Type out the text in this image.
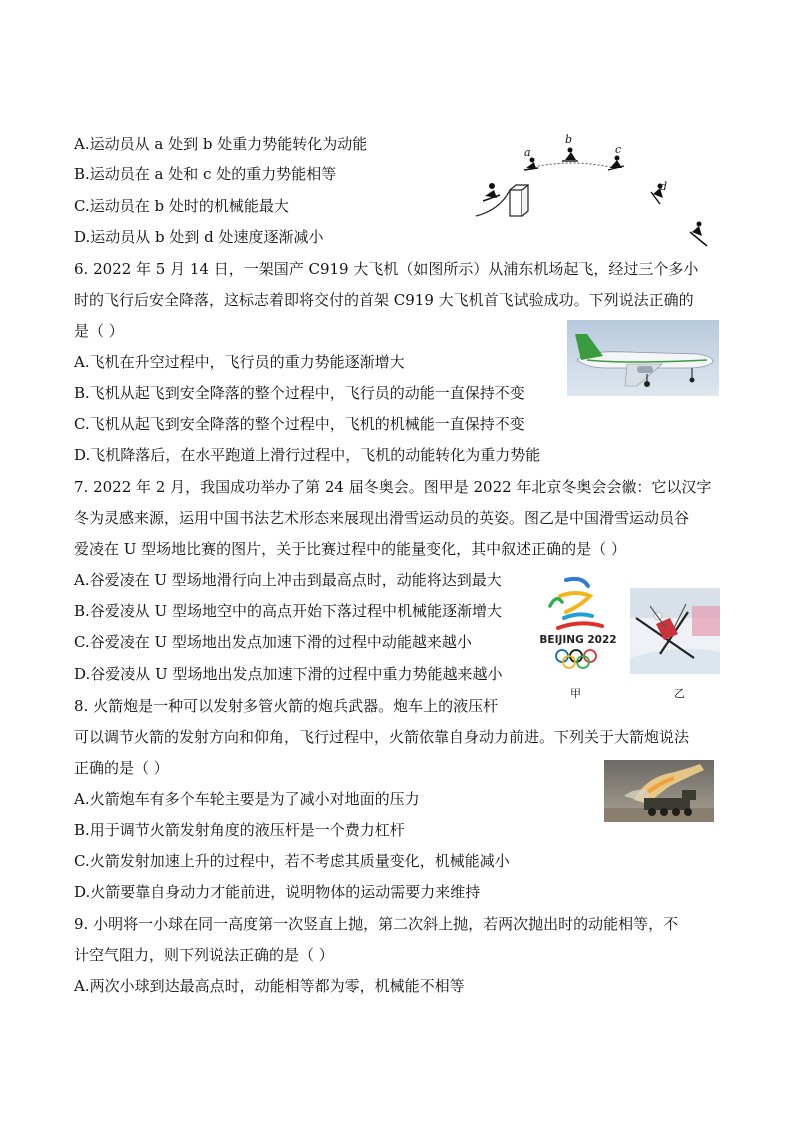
A.运动员从 a 处到 b 处重力势能转化为动能
B.运动员在 a 处和 c 处的重力势能相等
C.运动员在 b 处时的机械能最大
D.运动员从 b 处到 d 处速度逐渐减小
a
b
c
d
6. 2022 年 5 月 14 日，一架国产 C919 大飞机（如图所示）从浦东机场起飞，经过三个多小
时的飞行后安全降落，这标志着即将交付的首架 C919 大飞机首飞试验成功。下列说法正确的
是（ ）
A.飞机在升空过程中，飞行员的重力势能逐渐增大
B.飞机从起飞到安全降落的整个过程中，飞行员的动能一直保持不变
C.飞机从起飞到安全降落的整个过程中，飞机的机械能一直保持不变
D.飞机降落后，在水平跑道上滑行过程中，飞机的动能转化为重力势能
7. 2022 年 2 月，我国成功举办了第 24 届冬奥会。图甲是 2022 年北京冬奥会会徽：它以汉字
冬为灵感来源，运用中国书法艺术形态来展现出滑雪运动员的英姿。图乙是中国滑雪运动员谷
爱凌在 U 型场地比赛的图片，关于比赛过程中的能量变化，其中叙述正确的是（ ）
A.谷爱凌在 U 型场地滑行向上冲击到最高点时，动能将达到最大
B.谷爱凌从 U 型场地空中的高点开始下落过程中机械能逐渐增大
C.谷爱凌在 U 型场地出发点加速下滑的过程中动能越来越小
D.谷爱凌从 U 型场地出发点加速下滑的过程中重力势能越来越小
BEIJING 2022
甲	乙
8. 火箭炮是一种可以发射多管火箭的炮兵武器。炮车上的液压杆
可以调节火箭的发射方向和仰角，飞行过程中，火箭依靠自身动力前进。下列关于大箭炮说法
正确的是（ ）
A.火箭炮车有多个车轮主要是为了减小对地面的压力
B.用于调节火箭发射角度的液压杆是一个费力杠杆
C.火箭发射加速上升的过程中，若不考虑其质量变化，机械能减小
D.火箭要靠自身动力才能前进，说明物体的运动需要力来维持
9. 小明将一小球在同一高度第一次竖直上抛，第二次斜上抛，若两次抛出时的动能相等，不
计空气阻力，则下列说法正确的是（ ）
A.两次小球到达最高点时，动能相等都为零，机械能不相等
